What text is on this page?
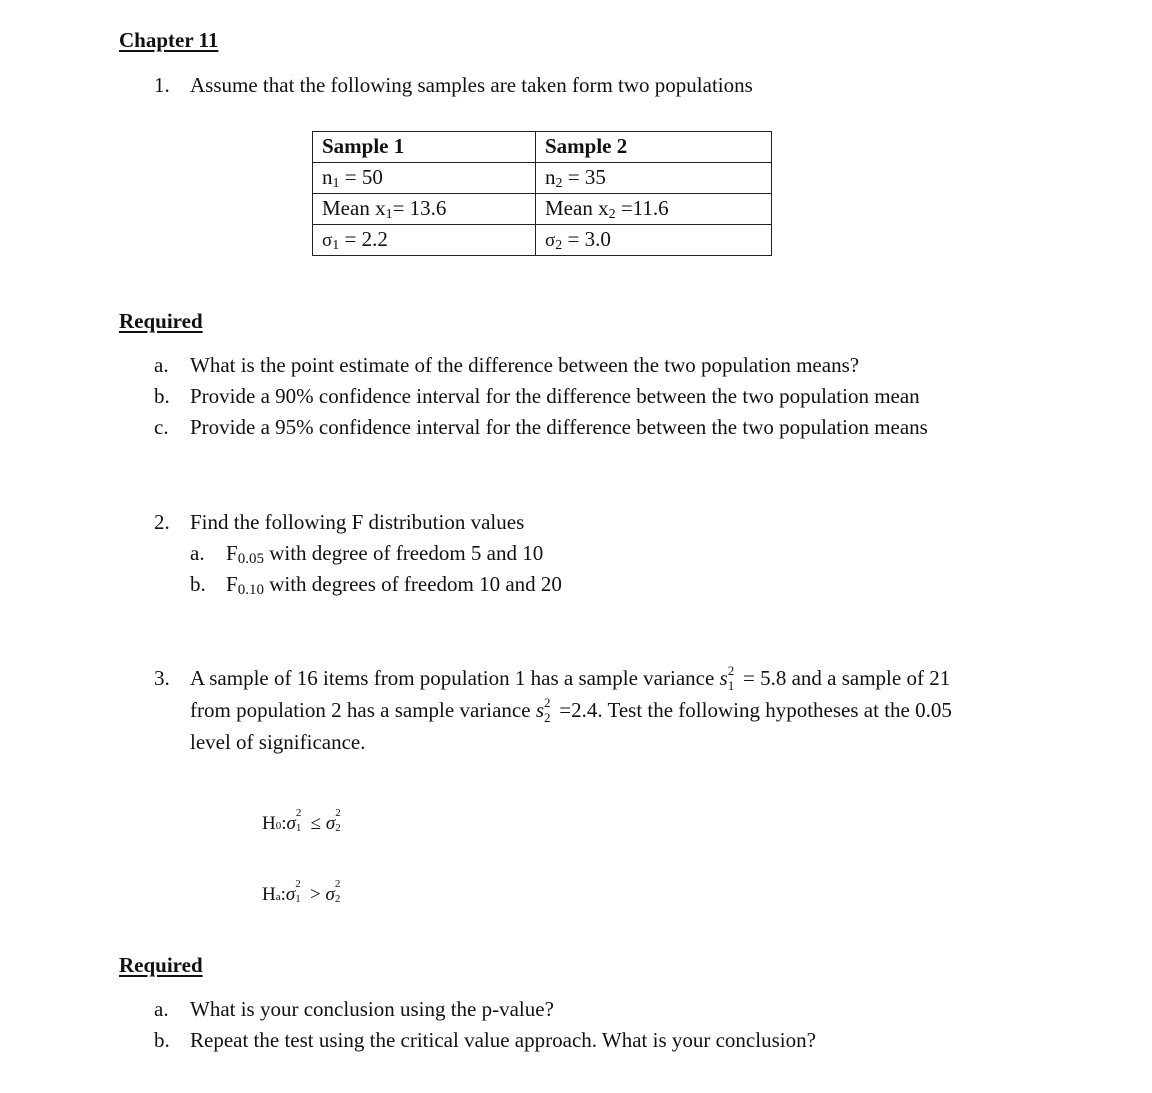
Chapter 11
1. Assume that the following samples are taken form two populations
Sample 1	Sample 2
$n_1 = 50$	$n_2 = 35$
Mean $x_1= 13.6$	Mean $x_2 =11.6$
$\sigma_1 = 2.2$	$\sigma_2 = 3.0$
Required
a. What is the point estimate of the difference between the two population means?
b. Provide a 90% confidence interval for the difference between the two population mean
c. Provide a 95% confidence interval for the difference between the two population means
2. Find the following F distribution values
a. F0.05 with degree of freedom 5 and 10
b. F0.10 with degrees of freedom 10 and 20
3. A sample of 16 items from population 1 has a sample variance s 2
1 = 5.8 and a sample of 21
from population 2 has a sample variance s 2
2 =2.4. Test the following hypotheses at the 0.05
level of significance.
H0:σ 2
1 ≤ σ 2
2
Ha:σ 2
1 > σ 2
2
Required
a. What is your conclusion using the p-value?
b. Repeat the test using the critical value approach. What is your conclusion?
